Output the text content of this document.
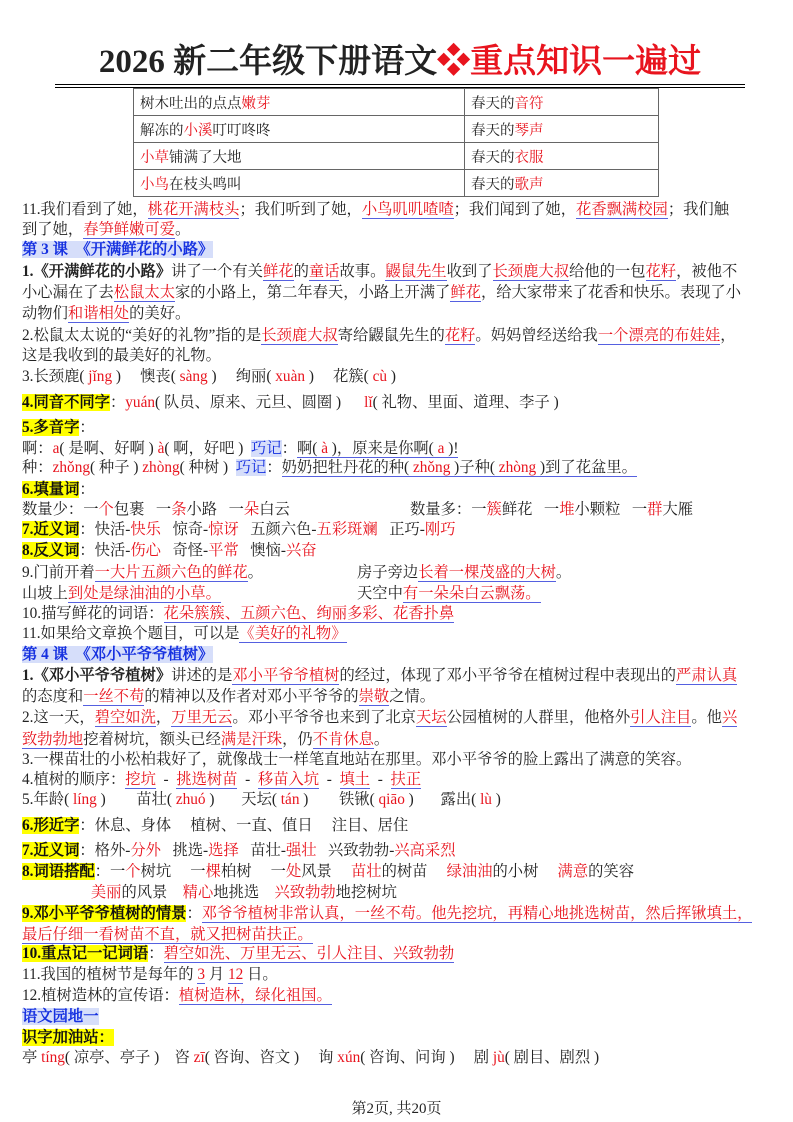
2026 新二年级下册语文❖重点知识一遍过
树木吐出的点点嫩芽	春天的音符
解冻的小溪叮叮咚咚	春天的琴声
小草铺满了大地	春天的衣服
小鸟在枝头鸣叫	春天的歌声
11.我们看到了她，桃花开满枝头；我们听到了她，小鸟叽叽喳喳；我们闻到了她，花香飘满校园；我们触
到了她，春笋鲜嫩可爱。
第 3 课  《开满鲜花的小路》
1.《开满鲜花的小路》讲了一个有关鲜花的童话故事。鼹鼠先生收到了长颈鹿大叔给他的一包花籽，被他不
小心漏在了去松鼠太太家的小路上，第二年春天，小路上开满了鲜花，给大家带来了花香和快乐。表现了小
动物们和谐相处的美好。
2.松鼠太太说的“美好的礼物”指的是长颈鹿大叔寄给鼹鼠先生的花籽。妈妈曾经送给我一个漂亮的布娃娃，
这是我收到的最美好的礼物。
3.长颈鹿( jǐng )     懊丧( sàng )     绚丽( xuàn )     花簇( cù )
4.同音不同字：yuán( 队员、原来、元旦、圆圈 )      lǐ( 礼物、里面、道理、李子 )
5.多音字：
啊：a( 是啊、好啊 ) à( 啊，好吧 )  巧记：啊( à )，原来是你啊( a )!
种：zhǒng( 种子 ) zhòng( 种树 )  巧记：奶奶把牡丹花的种( zhǒng )子种( zhòng )到了花盆里。
6.填量词：
数量多：一簇鲜花   一堆小颗粒   一群大雁
数量少：一个包裹   一条小路   一朵白云
7.近义词：快活-快乐   惊奇-惊讶   五颜六色-五彩斑斓   正巧-刚巧
8.反义词：快活-伤心   奇怪-平常   懊恼-兴奋
房子旁边长着一棵茂盛的大树。
9.门前开着一大片五颜六色的鲜花。
天空中有一朵朵白云飘荡。
山坡上到处是绿油油的小草。
10.描写鲜花的词语：花朵簇簇、五颜六色、绚丽多彩、花香扑鼻
11.如果给文章换个题目，可以是《美好的礼物》
第 4 课  《邓小平爷爷植树》
1.《邓小平爷爷植树》讲述的是邓小平爷爷植树的经过，体现了邓小平爷爷在植树过程中表现出的严肃认真
的态度和一丝不苟的精神以及作者对邓小平爷爷的崇敬之情。
2.这一天，碧空如洗，万里无云。邓小平爷爷也来到了北京天坛公园植树的人群里，他格外引人注目。他兴
致勃勃地挖着树坑，额头已经满是汗珠，仍不肯休息。
3.一棵苗壮的小松柏栽好了，就像战士一样笔直地站在那里。邓小平爷爷的脸上露出了满意的笑容。
4.植树的顺序：挖坑  -  挑选树苗  -  移苗入坑  -  填土  -  扶正
5.年龄( líng )        苗壮( zhuó )       天坛( tán )        铁锹( qiāo )       露出( lù )
6.形近字：休息、身体     植树、一直、值日     注目、居住
7.近义词：格外-分外   挑选-选择   苗壮-强壮   兴致勃勃-兴高采烈
8.词语搭配：一个树坑     一棵柏树     一处风景     苗壮的树苗     绿油油的小树     满意的笑容
美丽的风景    精心地挑选    兴致勃勃地挖树坑
9.邓小平爷爷植树的情景：邓爷爷植树非常认真，一丝不苟。他先挖坑，再精心地挑选树苗，然后挥锹填土，
最后仔细一看树苗不直，就又把树苗扶正。
10.重点记一记词语：碧空如洗、万里无云、引人注目、兴致勃勃
11.我国的植树节是每年的 3 月 12 日。
12.植树造林的宣传语：植树造林，绿化祖国。
语文园地一
识字加油站：
亭 tíng( 凉亭、亭子 )    咨 zī( 咨询、咨文 )     询 xún( 咨询、问询 )     剧 jù( 剧目、剧烈 )
第2页, 共20页
